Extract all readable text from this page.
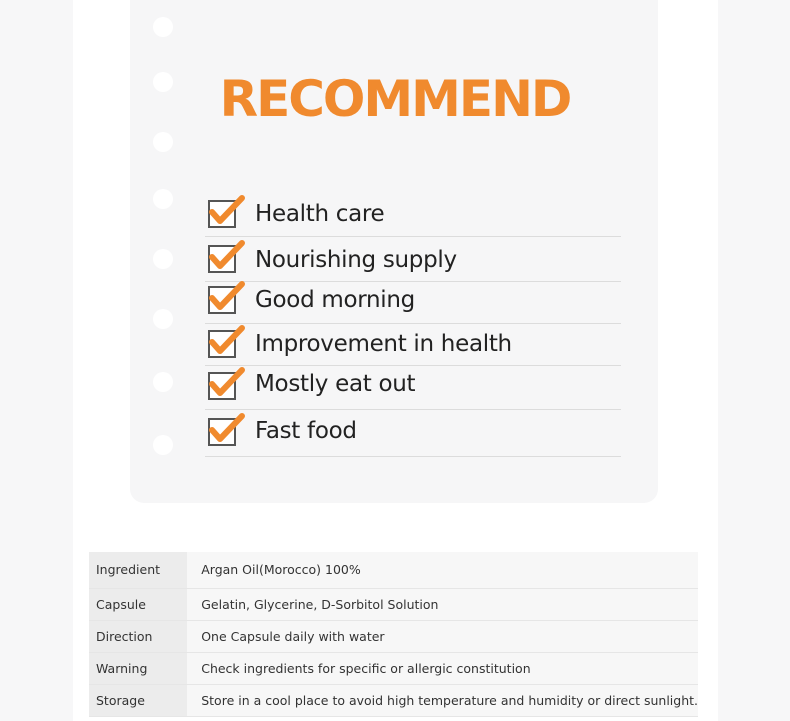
RECOMMEND
Health care
Nourishing supply
Good morning
Improvement in health
Mostly eat out
Fast food
Ingredient	Argan Oil(Morocco) 100%
Capsule	Gelatin, Glycerine, D-Sorbitol Solution
Direction	One Capsule daily with water
Warning	Check ingredients for specific or allergic constitution
Storage	Store in a cool place to avoid high temperature and humidity or direct sunlight.
